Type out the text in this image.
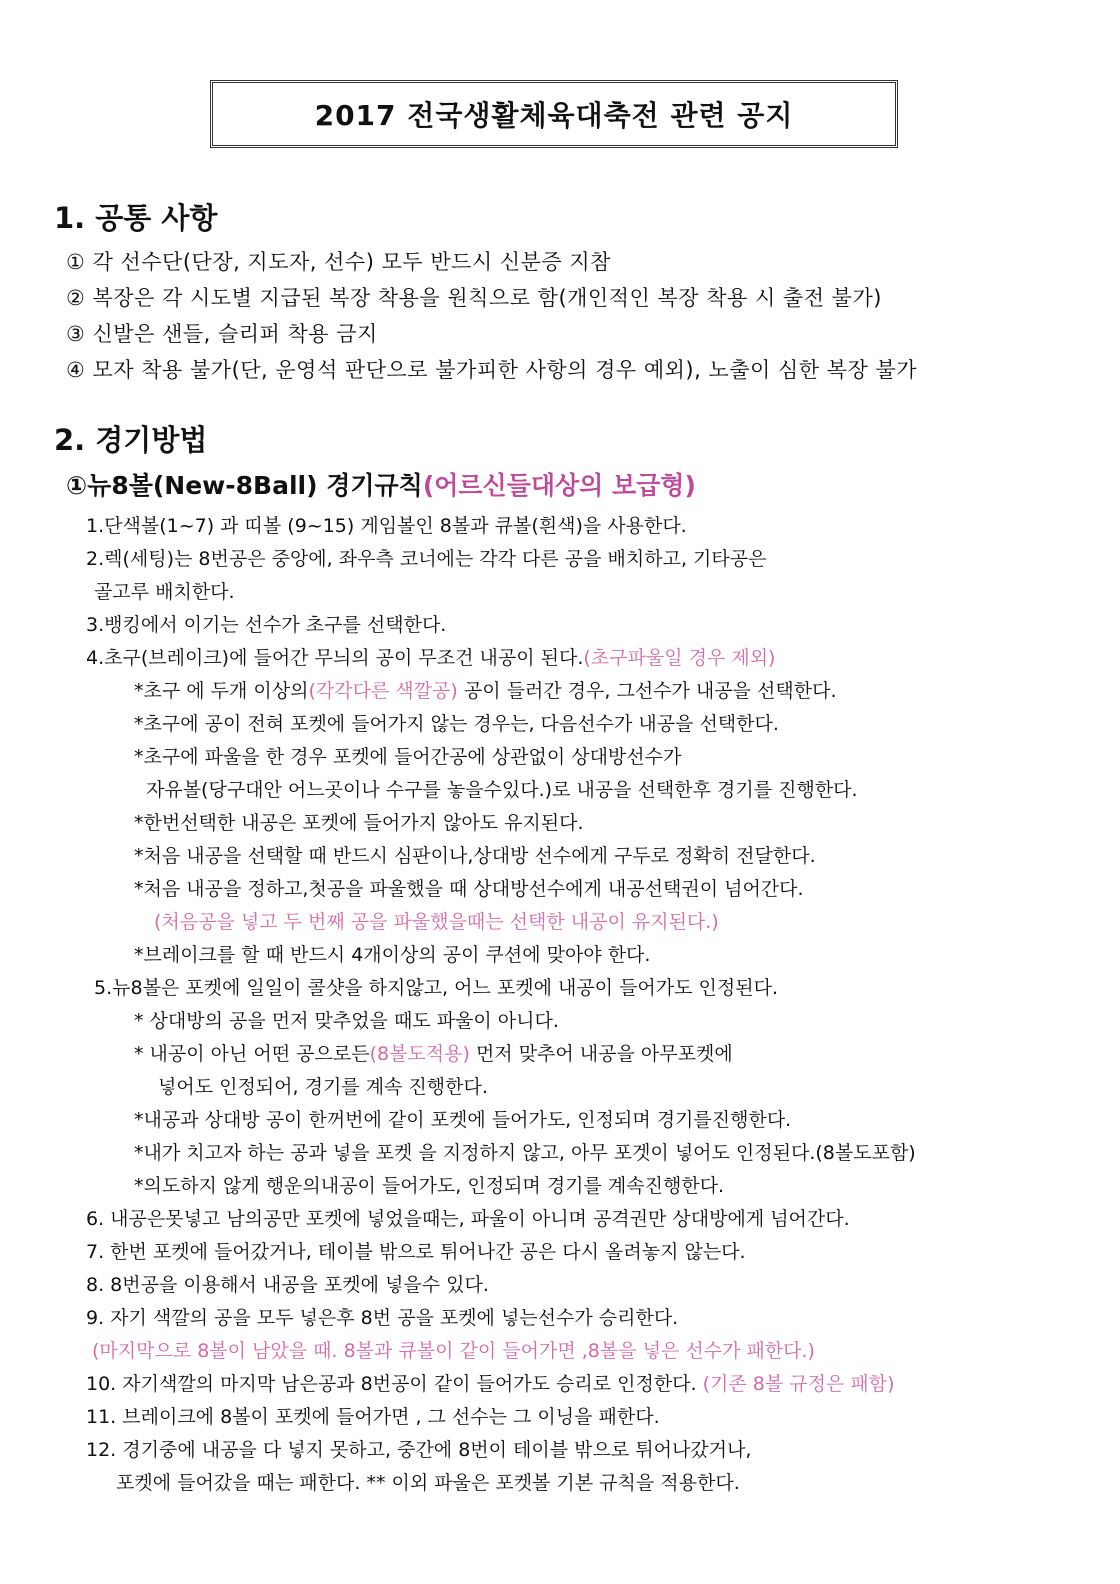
2017 전국생활체육대축전 관련 공지
1. 공통 사항
① 각 선수단(단장, 지도자, 선수) 모두 반드시 신분증 지참
② 복장은 각 시도별 지급된 복장 착용을 원칙으로 함(개인적인 복장 착용 시 출전 불가)
③ 신발은 샌들, 슬리퍼 착용 금지
④ 모자 착용 불가(단, 운영석 판단으로 불가피한 사항의 경우 예외), 노출이 심한 복장 불가
2. 경기방법
①뉴8볼(New-8Ball) 경기규칙(어르신들대상의 보급형)
1.단색볼(1~7) 과 띠볼 (9~15) 게임볼인 8볼과 큐볼(흰색)을 사용한다.
2.렉(세팅)는 8번공은 중앙에, 좌우측 코너에는 각각 다른 공을 배치하고, 기타공은
골고루 배치한다.
3.뱅킹에서 이기는 선수가 초구를 선택한다.
4.초구(브레이크)에 들어간 무늬의 공이 무조건 내공이 된다.(초구파울일 경우 제외)
*초구 에 두개 이상의(각각다른 색깔공) 공이 들러간 경우, 그선수가 내공을 선택한다.
*초구에 공이 전혀 포켓에 들어가지 않는 경우는, 다음선수가 내공을 선택한다.
*초구에 파울을 한 경우 포켓에 들어간공에 상관없이 상대방선수가
자유볼(당구대안 어느곳이나 수구를 놓을수있다.)로 내공을 선택한후 경기를 진행한다.
*한번선택한 내공은 포켓에 들어가지 않아도 유지된다.
*처음 내공을 선택할 때 반드시 심판이나,상대방 선수에게 구두로 정확히 전달한다.
*처음 내공을 정하고,첫공을 파울했을 때 상대방선수에게 내공선택권이 넘어간다.
(처음공을 넣고 두 번째 공을 파울했을때는 선택한 내공이 유지된다.)
*브레이크를 할 때 반드시 4개이상의 공이 쿠션에 맞아야 한다.
5.뉴8볼은 포켓에 일일이 콜샷을 하지않고, 어느 포켓에 내공이 들어가도 인정된다.
* 상대방의 공을 먼저 맞추었을 때도 파울이 아니다.
* 내공이 아닌 어떤 공으로든(8볼도적용) 먼저 맞추어 내공을 아무포켓에
넣어도 인정되어, 경기를 계속 진행한다.
*내공과 상대방 공이 한꺼번에 같이 포켓에 들어가도, 인정되며 경기를진행한다.
*내가 치고자 하는 공과 넣을 포켓 을 지정하지 않고, 아무 포겟이 넣어도 인정된다.(8볼도포함)
*의도하지 않게 행운의내공이 들어가도, 인정되며 경기를 계속진행한다.
6. 내공은못넣고 남의공만 포켓에 넣었을때는, 파울이 아니며 공격권만 상대방에게 넘어간다.
7. 한번 포켓에 들어갔거나, 테이블 밖으로 튀어나간 공은 다시 올려놓지 않는다.
8. 8번공을 이용해서 내공을 포켓에 넣을수 있다.
9. 자기 색깔의 공을 모두 넣은후 8번 공을 포켓에 넣는선수가 승리한다.
(마지막으로 8볼이 남았을 때. 8볼과 큐볼이 같이 들어가면 ,8볼을 넣은 선수가 패한다.)
10. 자기색깔의 마지막 남은공과 8번공이 같이 들어가도 승리로 인정한다. (기존 8볼 규정은 패함)
11. 브레이크에 8볼이 포켓에 들어가면 , 그 선수는 그 이닝을 패한다.
12. 경기중에 내공을 다 넣지 못하고, 중간에 8번이 테이블 밖으로 튀어나갔거나,
포켓에 들어갔을 때는 패한다. ** 이외 파울은 포켓볼 기본 규칙을 적용한다.
